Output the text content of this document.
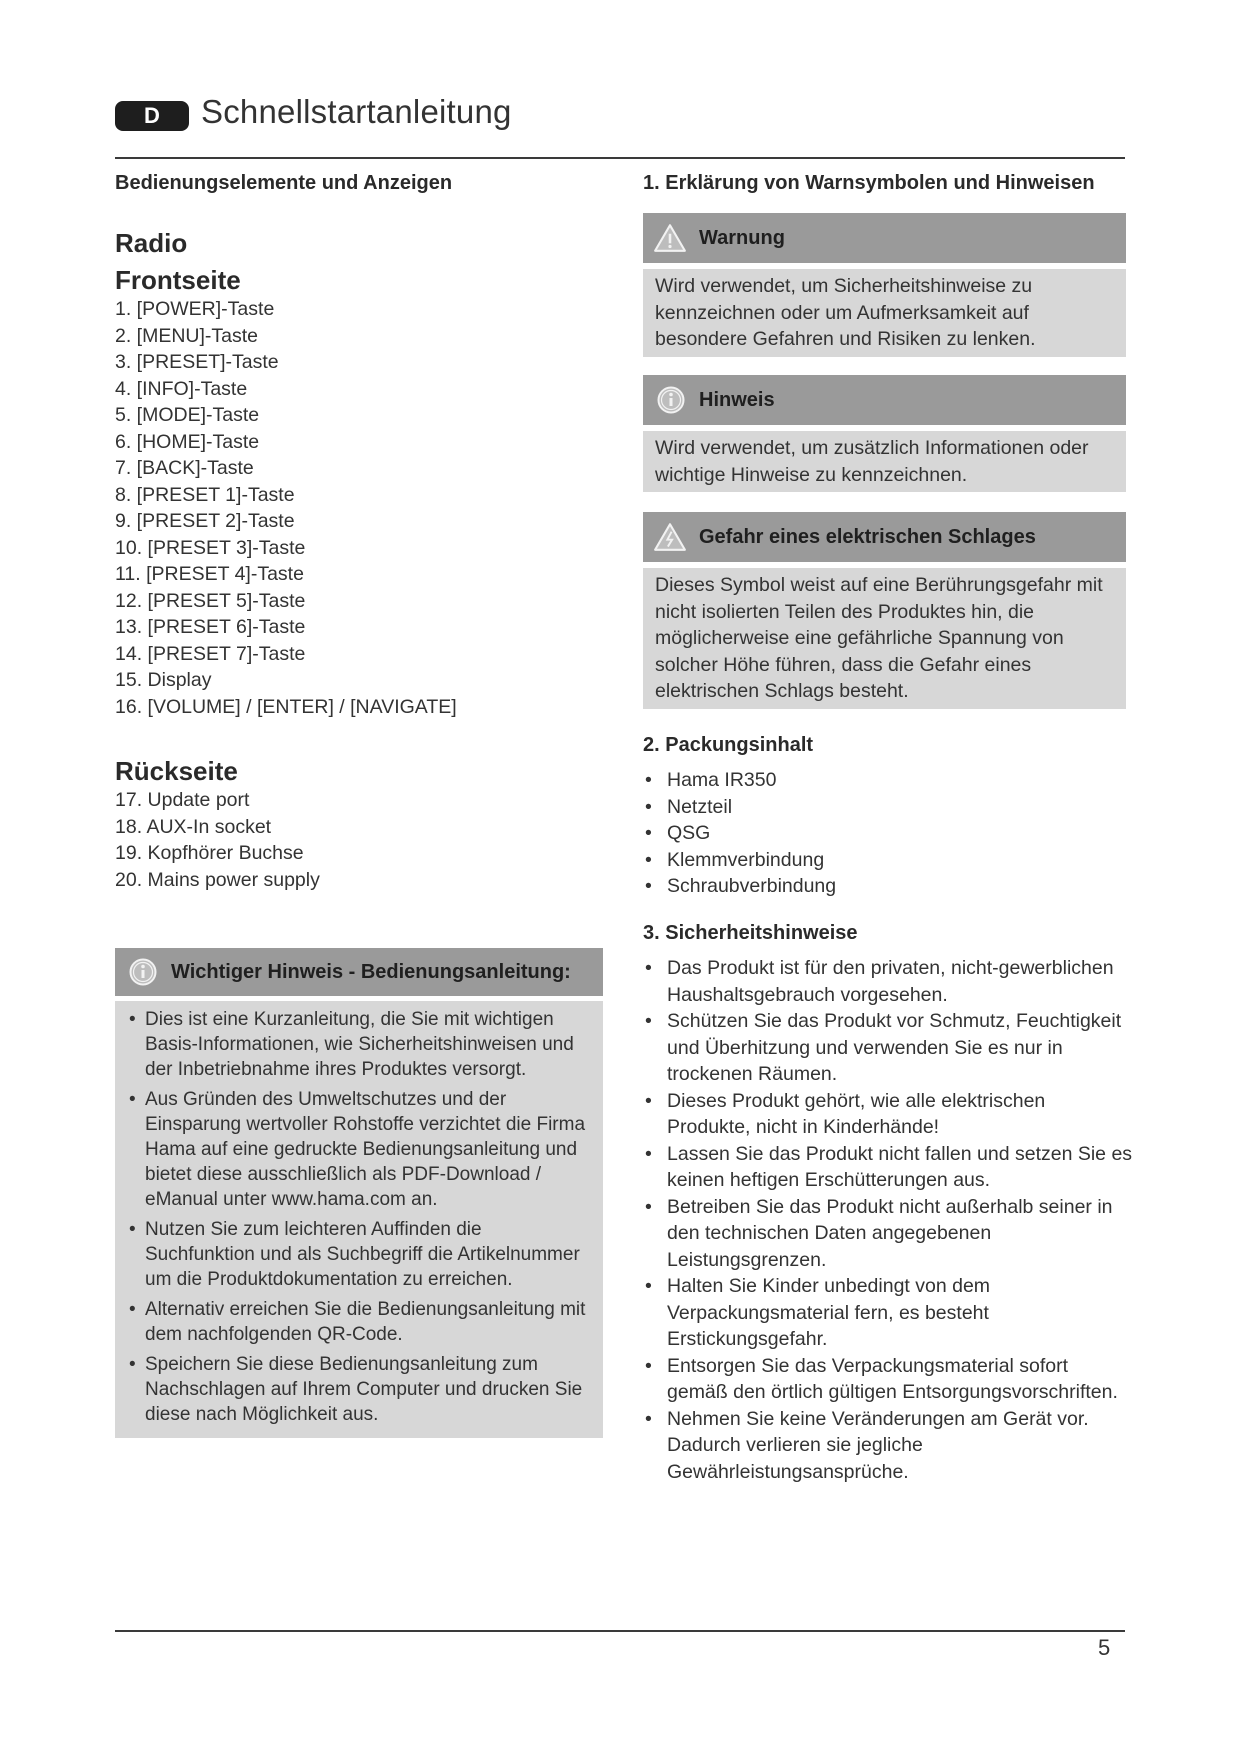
D	Schnellstartanleitung
Bedienungselemente und Anzeigen
Radio
Frontseite
1. [POWER]-Taste
2. [MENU]-Taste
3. [PRESET]-Taste
4. [INFO]-Taste
5. [MODE]-Taste
6. [HOME]-Taste
7. [BACK]-Taste
8. [PRESET 1]-Taste
9. [PRESET 2]-Taste
10. [PRESET 3]-Taste
11. [PRESET 4]-Taste
12. [PRESET 5]-Taste
13. [PRESET 6]-Taste
14. [PRESET 7]-Taste
15. Display
16. [VOLUME] / [ENTER] / [NAVIGATE]
Rückseite
17. Update port
18. AUX-In socket
19. Kopfhörer Buchse
20. Mains power supply
Wichtiger Hinweis - Bedienungsanleitung:
• Dies ist eine Kurzanleitung, die Sie mit wichtigen Basis-Informationen, wie Sicherheitshinweisen und der Inbetriebnahme ihres Produktes versorgt.
• Aus Gründen des Umweltschutzes und der Einsparung wertvoller Rohstoffe verzichtet die Firma Hama auf eine gedruckte Bedienungsanleitung und bietet diese ausschließlich als PDF-Download / eManual unter www.hama.com an.
• Nutzen Sie zum leichteren Auffinden die Suchfunktion und als Suchbegriff die Artikelnummer um die Produktdokumentation zu erreichen.
• Alternativ erreichen Sie die Bedienungsanleitung mit dem nachfolgenden QR-Code.
• Speichern Sie diese Bedienungsanleitung zum Nachschlagen auf Ihrem Computer und drucken Sie diese nach Möglichkeit aus.
1. Erklärung von Warnsymbolen und Hinweisen
Warnung
Wird verwendet, um Sicherheitshinweise zu kennzeichnen oder um Aufmerksamkeit auf besondere Gefahren und Risiken zu lenken.
Hinweis
Wird verwendet, um zusätzlich Informationen oder wichtige Hinweise zu kennzeichnen.
Gefahr eines elektrischen Schlages
Dieses Symbol weist auf eine Berührungsgefahr mit nicht isolierten Teilen des Produktes hin, die möglicherweise eine gefährliche Spannung von solcher Höhe führen, dass die Gefahr eines elektrischen Schlags besteht.
2. Packungsinhalt
• Hama IR350
• Netzteil
• QSG
• Klemmverbindung
• Schraubverbindung
3. Sicherheitshinweise
• Das Produkt ist für den privaten, nicht-gewerblichen Haushaltsgebrauch vorgesehen.
• Schützen Sie das Produkt vor Schmutz, Feuchtigkeit und Überhitzung und verwenden Sie es nur in trockenen Räumen.
• Dieses Produkt gehört, wie alle elektrischen Produkte, nicht in Kinderhände!
• Lassen Sie das Produkt nicht fallen und setzen Sie es keinen heftigen Erschütterungen aus.
• Betreiben Sie das Produkt nicht außerhalb seiner in den technischen Daten angegebenen Leistungsgrenzen.
• Halten Sie Kinder unbedingt von dem Verpackungsmaterial fern, es besteht Erstickungsgefahr.
• Entsorgen Sie das Verpackungsmaterial sofort gemäß den örtlich gültigen Entsorgungsvorschriften.
• Nehmen Sie keine Veränderungen am Gerät vor. Dadurch verlieren sie jegliche Gewährleistungsansprüche.
5
